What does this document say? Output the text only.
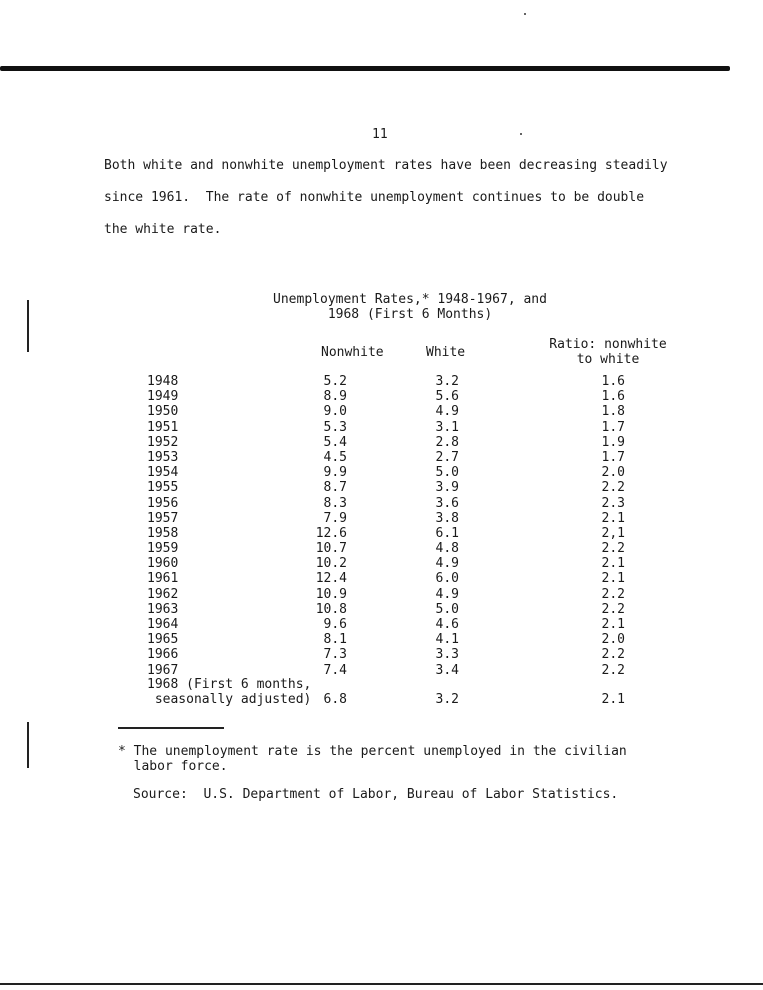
11
Both white and nonwhite unemployment rates have been decreasing steadily
since 1961.  The rate of nonwhite unemployment continues to be double
the white rate.
Unemployment Rates,* 1948-1967, and
1968 (First 6 Months)
Nonwhite	White
Ratio: nonwhite
to white
1948	5.2	3.2	1.6
1949	8.9	5.6	1.6
1950	9.0	4.9	1.8
1951	5.3	3.1	1.7
1952	5.4	2.8	1.9
1953	4.5	2.7	1.7
1954	9.9	5.0	2.0
1955	8.7	3.9	2.2
1956	8.3	3.6	2.3
1957	7.9	3.8	2.1
1958	12.6	6.1	2,1
1959	10.7	4.8	2.2
1960	10.2	4.9	2.1
1961	12.4	6.0	2.1
1962	10.9	4.9	2.2
1963	10.8	5.0	2.2
1964	9.6	4.6	2.1
1965	8.1	4.1	2.0
1966	7.3	3.3	2.2
1967	7.4	3.4	2.2
1968 (First 6 months,
seasonally adjusted) 6.8	3.2	2.1
* The unemployment rate is the percent unemployed in the civilian
labor force.
Source:  U.S. Department of Labor, Bureau of Labor Statistics.
